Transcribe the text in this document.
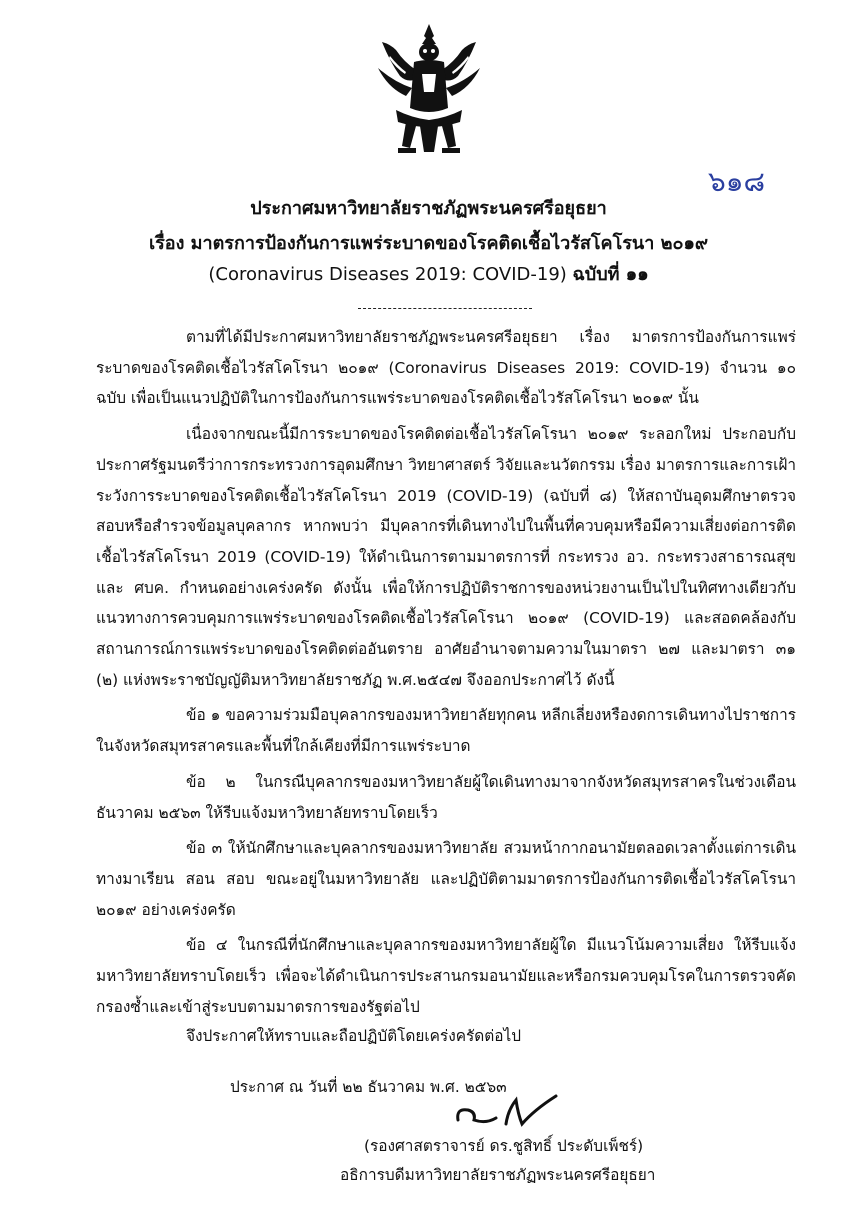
๖๑๘
ประกาศมหาวิทยาลัยราชภัฏพระนครศรีอยุธยา
เรื่อง มาตรการป้องกันการแพร่ระบาดของโรคติดเชื้อไวรัสโคโรนา ๒๐๑๙
(Coronavirus Diseases 2019: COVID-19) ฉบับที่ ๑๑

ตามที่ได้มีประกาศมหาวิทยาลัยราชภัฏพระนครศรีอยุธยา เรื่อง มาตรการป้องกันการแพร่ระบาดของโรคติดเชื้อไวรัสโคโรนา ๒๐๑๙ (Coronavirus Diseases 2019: COVID-19) จำนวน ๑๐ ฉบับ เพื่อเป็นแนวปฏิบัติในการป้องกันการแพร่ระบาดของโรคติดเชื้อไวรัสโคโรนา ๒๐๑๙ นั้น

เนื่องจากขณะนี้มีการระบาดของโรคติดต่อเชื้อไวรัสโคโรนา ๒๐๑๙ ระลอกใหม่ ประกอบกับประกาศรัฐมนตรีว่าการกระทรวงการอุดมศึกษา วิทยาศาสตร์ วิจัยและนวัตกรรม เรื่อง มาตรการและการเฝ้าระวังการระบาดของโรคติดเชื้อไวรัสโคโรนา 2019 (COVID-19) (ฉบับที่ ๘) ให้สถาบันอุดมศึกษาตรวจสอบหรือสำรวจข้อมูลบุคลากร หากพบว่า มีบุคลากรที่เดินทางไปในพื้นที่ควบคุมหรือมีความเสี่ยงต่อการติดเชื้อไวรัสโคโรนา 2019 (COVID-19) ให้ดำเนินการตามมาตรการที่ กระทรวง อว. กระทรวงสาธารณสุข และ ศบค. กำหนดอย่างเคร่งครัด ดังนั้น เพื่อให้การปฏิบัติราชการของหน่วยงานเป็นไปในทิศทางเดียวกับแนวทางการควบคุมการแพร่ระบาดของโรคติดเชื้อไวรัสโคโรนา ๒๐๑๙ (COVID-19) และสอดคล้องกับสถานการณ์การแพร่ระบาดของโรคติดต่ออันตราย อาศัยอำนาจตามความในมาตรา ๒๗ และมาตรา ๓๑ (๒) แห่งพระราชบัญญัติมหาวิทยาลัยราชภัฏ พ.ศ.๒๕๔๗ จึงออกประกาศไว้ ดังนี้

ข้อ ๑ ขอความร่วมมือบุคลากรของมหาวิทยาลัยทุกคน หลีกเลี่ยงหรืองดการเดินทางไปราชการในจังหวัดสมุทรสาครและพื้นที่ใกล้เคียงที่มีการแพร่ระบาด

ข้อ ๒ ในกรณีบุคลากรของมหาวิทยาลัยผู้ใดเดินทางมาจากจังหวัดสมุทรสาครในช่วงเดือนธันวาคม ๒๕๖๓ ให้รีบแจ้งมหาวิทยาลัยทราบโดยเร็ว

ข้อ ๓ ให้นักศึกษาและบุคลากรของมหาวิทยาลัย สวมหน้ากากอนามัยตลอดเวลาตั้งแต่การเดินทางมาเรียน สอน สอบ ขณะอยู่ในมหาวิทยาลัย และปฏิบัติตามมาตรการป้องกันการติดเชื้อไวรัสโคโรนา ๒๐๑๙ อย่างเคร่งครัด

ข้อ ๔ ในกรณีที่นักศึกษาและบุคลากรของมหาวิทยาลัยผู้ใด มีแนวโน้มความเสี่ยง ให้รีบแจ้งมหาวิทยาลัยทราบโดยเร็ว เพื่อจะได้ดำเนินการประสานกรมอนามัยและหรือกรมควบคุมโรคในการตรวจคัดกรองซ้ำและเข้าสู่ระบบตามมาตรการของรัฐต่อไป

จึงประกาศให้ทราบและถือปฏิบัติโดยเคร่งครัดต่อไป
ประกาศ ณ วันที่ ๒๒ ธันวาคม พ.ศ. ๒๕๖๓
(รองศาสตราจารย์ ดร.ชูสิทธิ์ ประดับเพ็ชร์)
อธิการบดีมหาวิทยาลัยราชภัฏพระนครศรีอยุธยา
